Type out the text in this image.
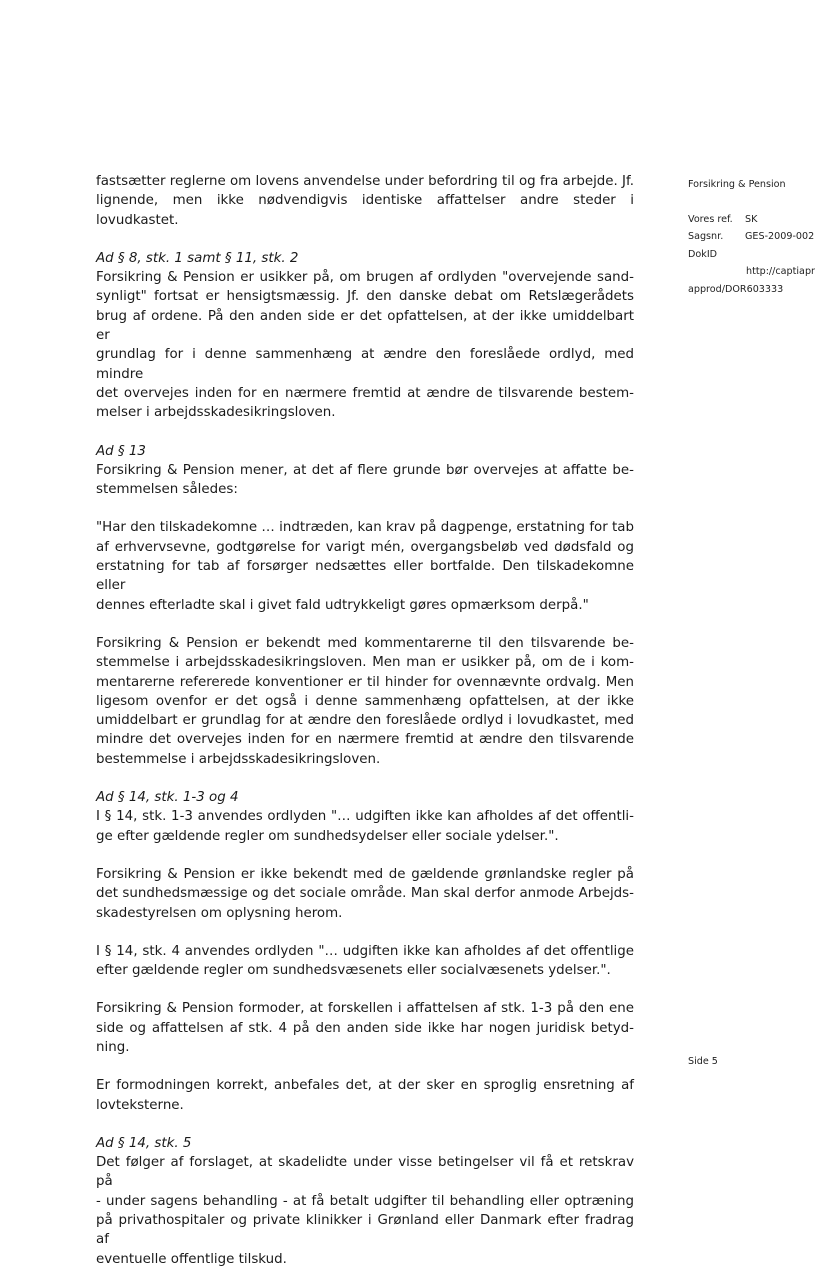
fastsætter reglerne om lovens anvendelse under befordring til og fra arbejde. Jf.
lignende, men ikke nødvendigvis identiske affattelser andre steder i lovudkastet.

Ad § 8, stk. 1 samt § 11, stk. 2
Forsikring & Pension er usikker på, om brugen af ordlyden "overvejende sand-
synligt" fortsat er hensigtsmæssig. Jf. den danske debat om Retslægerådets
brug af ordene. På den anden side er det opfattelsen, at der ikke umiddelbart er
grundlag for i denne sammenhæng at ændre den foreslåede ordlyd, med mindre
det overvejes inden for en nærmere fremtid at ændre de tilsvarende bestem-
melser i arbejdsskadesikringsloven.

Ad § 13
Forsikring & Pension mener, at det af flere grunde bør overvejes at affatte be-
stemmelsen således:

"Har den tilskadekomne … indtræden, kan krav på dagpenge, erstatning for tab
af erhvervsevne, godtgørelse for varigt mén, overgangsbeløb ved dødsfald og
erstatning for tab af forsørger nedsættes eller bortfalde. Den tilskadekomne eller
dennes efterladte skal i givet fald udtrykkeligt gøres opmærksom derpå."

Forsikring & Pension er bekendt med kommentarerne til den tilsvarende be-
stemmelse i arbejdsskadesikringsloven. Men man er usikker på, om de i kom-
mentarerne refererede konventioner er til hinder for ovennævnte ordvalg. Men
ligesom ovenfor er det også i denne sammenhæng opfattelsen, at der ikke
umiddelbart er grundlag for at ændre den foreslåede ordlyd i lovudkastet, med
mindre det overvejes inden for en nærmere fremtid at ændre den tilsvarende
bestemmelse i arbejdsskadesikringsloven.

Ad § 14, stk. 1-3 og 4
I § 14, stk. 1-3 anvendes ordlyden "… udgiften ikke kan afholdes af det offentli-
ge efter gældende regler om sundhedsydelser eller sociale ydelser.".

Forsikring & Pension er ikke bekendt med de gældende grønlandske regler på
det sundhedsmæssige og det sociale område. Man skal derfor anmode Arbejds-
skadestyrelsen om oplysning herom.

I § 14, stk. 4 anvendes ordlyden "… udgiften ikke kan afholdes af det offentlige
efter gældende regler om sundhedsvæsenets eller socialvæsenets ydelser.".

Forsikring & Pension formoder, at forskellen i affattelsen af stk. 1-3 på den ene
side og affattelsen af stk. 4 på den anden side ikke har nogen juridisk betyd-
ning.

Er formodningen korrekt, anbefales det, at der sker en sproglig ensretning af
lovteksterne.

Ad § 14, stk. 5
Det følger af forslaget, at skadelidte under visse betingelser vil få et retskrav på
- under sagens behandling - at få betalt udgifter til behandling eller optræning
på privathospitaler og private klinikker i Grønland eller Danmark efter fradrag af
eventuelle offentlige tilskud.

Forsikring & Pension
Vores ref.	SK
Sagsnr.	GES-2009-002
DokID
http://captiapr
approd/DOR603333
Side 5
